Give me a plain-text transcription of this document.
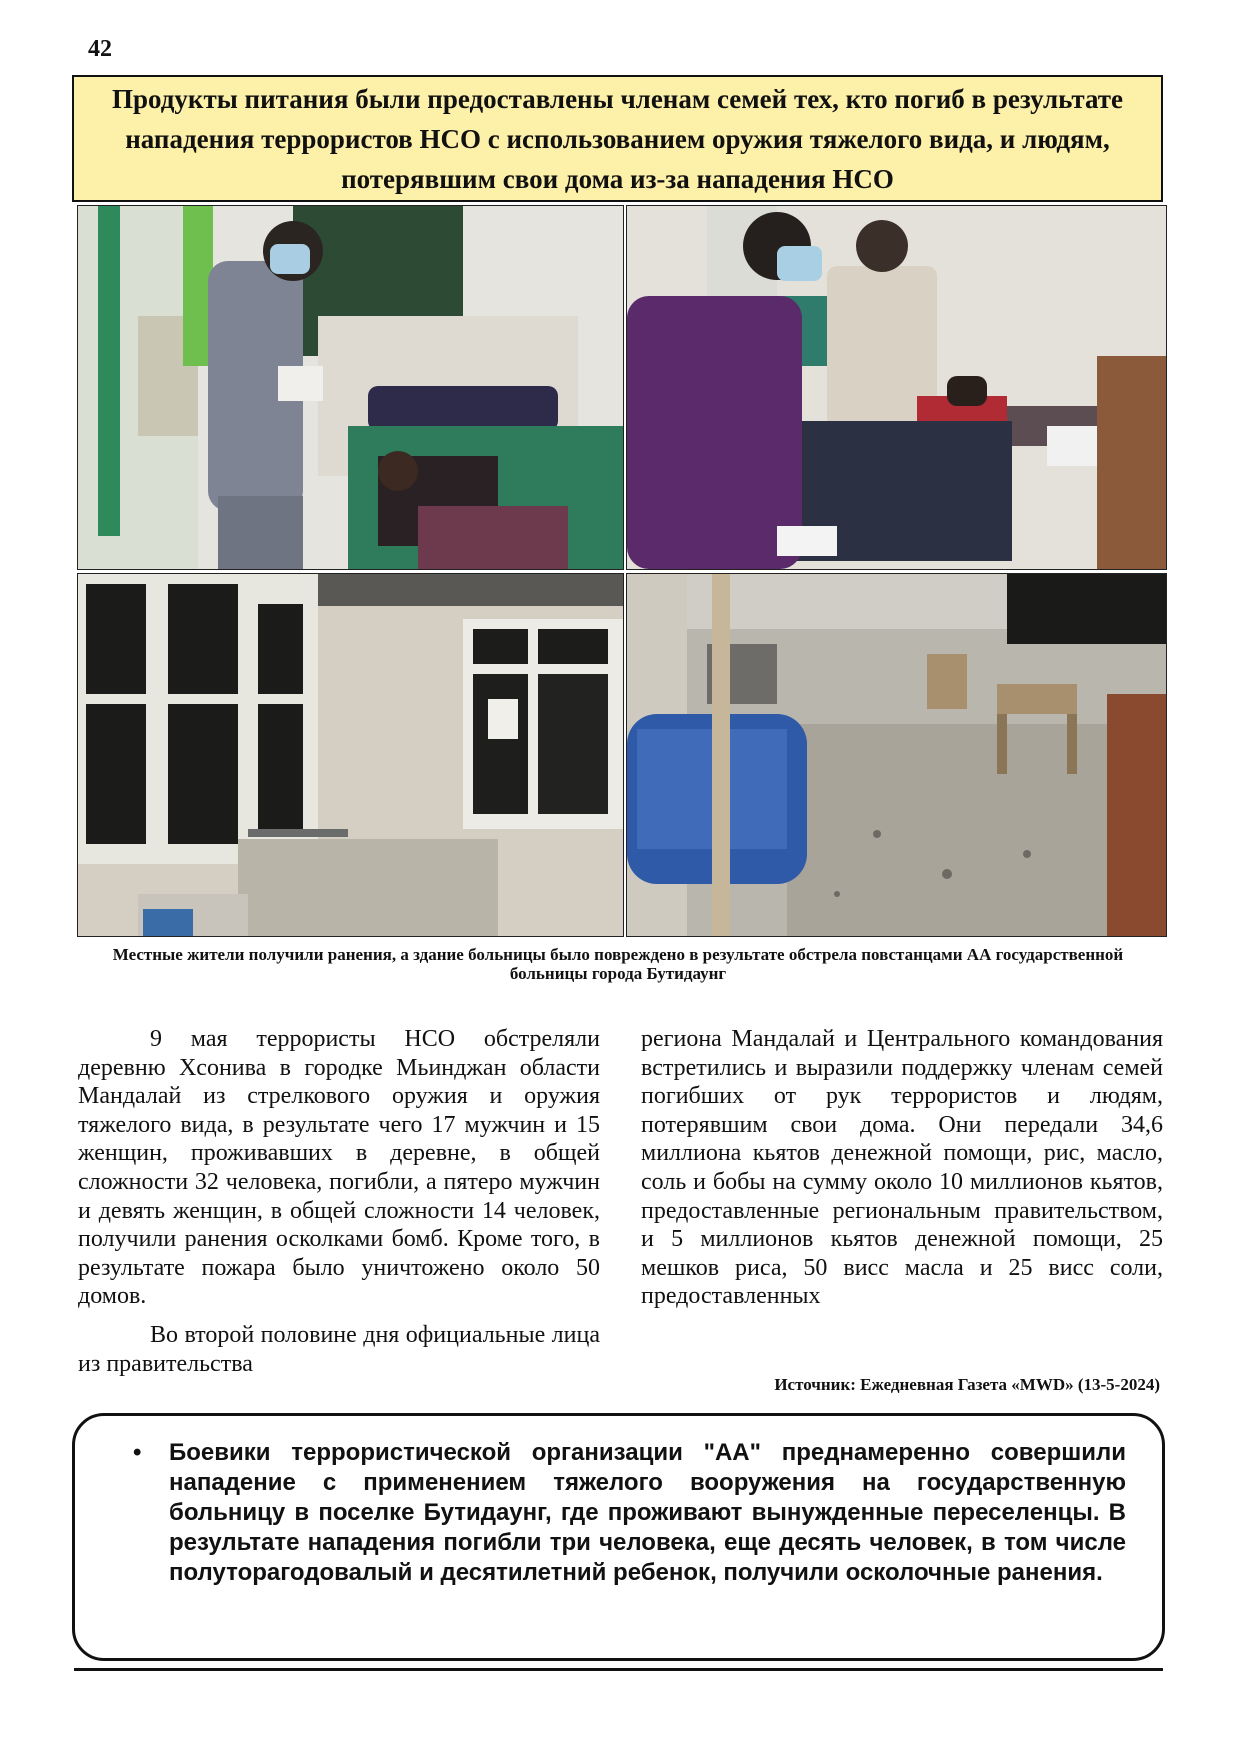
42
Продукты питания были предоставлены членам семей тех, кто погиб в результате нападения террористов НСО с использованием оружия тяжелого вида, и людям, потерявшим свои дома из-за нападения НСО
Местные жители получили ранения, а здание больницы было повреждено в результате обстрела повстанцами АА государственной больницы города Бутидаунг

9 мая террористы НСО обстреляли деревню Хсонива в городке Мьинджан области Мандалай из стрелкового оружия и оружия тяжелого вида, в результате чего 17 мужчин и 15 женщин, проживавших в деревне, в общей сложности 32 человека, погибли, а пятеро мужчин и девять женщин, в общей сложности 14 человек, получили ранения осколками бомб. Кроме того, в результате пожара было уничтожено около 50 домов.

Во второй половине дня официальные лица из правительства

региона Мандалай и Центрального командования встретились и выразили поддержку членам семей погибших от рук террористов и людям, потерявшим свои дома. Они передали 34,6 миллиона кьятов денежной помощи, рис, масло, соль и бобы на сумму около 10 миллионов кьятов, предоставленные региональным правительством, и 5 миллионов кьятов денежной помощи, 25 мешков риса, 50 висс масла и 25 висс соли, предоставленных

Источник: Ежедневная Газета «MWD» (13-5-2024)
• Боевики террористической организации "АА" преднамеренно совершили нападение с применением тяжелого вооружения на государственную больницу в поселке Бутидаунг, где проживают вынужденные переселенцы. В результате нападения погибли три человека, еще десять человек, в том числе полуторагодовалый и десятилетний ребенок, получили осколочные ранения.
